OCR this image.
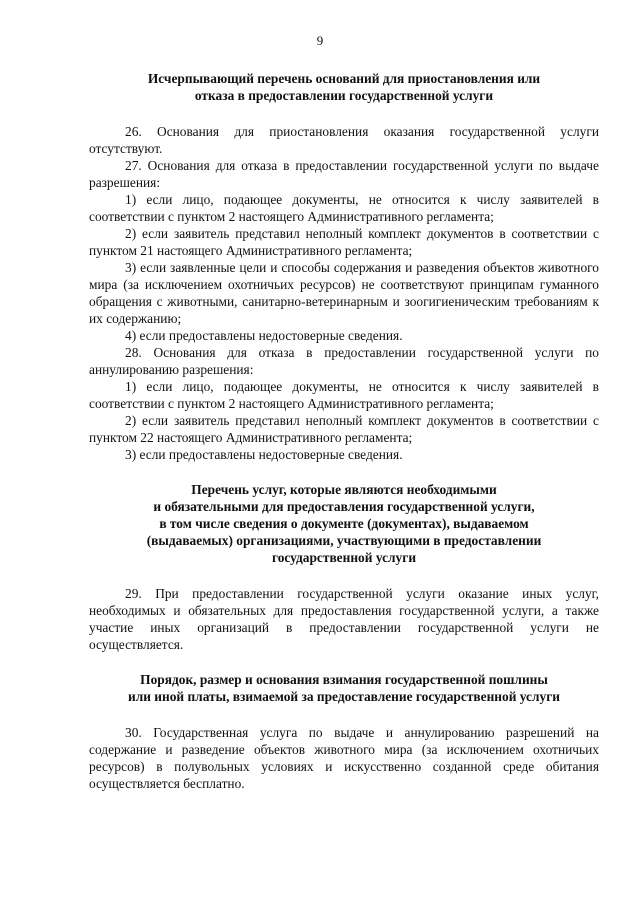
9
Исчерпывающий перечень оснований для приостановления или
отказа в предоставлении государственной услуги

26. Основания для приостановления оказания государственной услуги отсутствуют.

27. Основания для отказа в предоставлении государственной услуги по выдаче разрешения:

1) если лицо, подающее документы, не относится к числу заявителей в соответствии с пунктом 2 настоящего Административного регламента;

2) если заявитель представил неполный комплект документов в соответствии с пунктом 21 настоящего Административного регламента;

3) если заявленные цели и способы содержания и разведения объектов животного мира (за исключением охотничьих ресурсов) не соответствуют принципам гуманного обращения с животными, санитарно-ветеринарным и зоогигиеническим требованиям к их содержанию;

4) если предоставлены недостоверные сведения.

28. Основания для отказа в предоставлении государственной услуги по аннулированию разрешения:

1) если лицо, подающее документы, не относится к числу заявителей в соответствии с пунктом 2 настоящего Административного регламента;

2) если заявитель представил неполный комплект документов в соответствии с пунктом 22 настоящего Административного регламента;

3) если предоставлены недостоверные сведения.

Перечень услуг, которые являются необходимыми
и обязательными для предоставления государственной услуги,
в том числе сведения о документе (документах), выдаваемом
(выдаваемых) организациями, участвующими в предоставлении
государственной услуги

29. При предоставлении государственной услуги оказание иных услуг, необходимых и обязательных для предоставления государственной услуги, а также участие иных организаций в предоставлении государственной услуги не осуществляется.

Порядок, размер и основания взимания государственной пошлины
или иной платы, взимаемой за предоставление государственной услуги

30. Государственная услуга по выдаче и аннулированию разрешений на содержание и разведение объектов животного мира (за исключением охотничьих ресурсов) в полувольных условиях и искусственно созданной среде обитания осуществляется бесплатно.
